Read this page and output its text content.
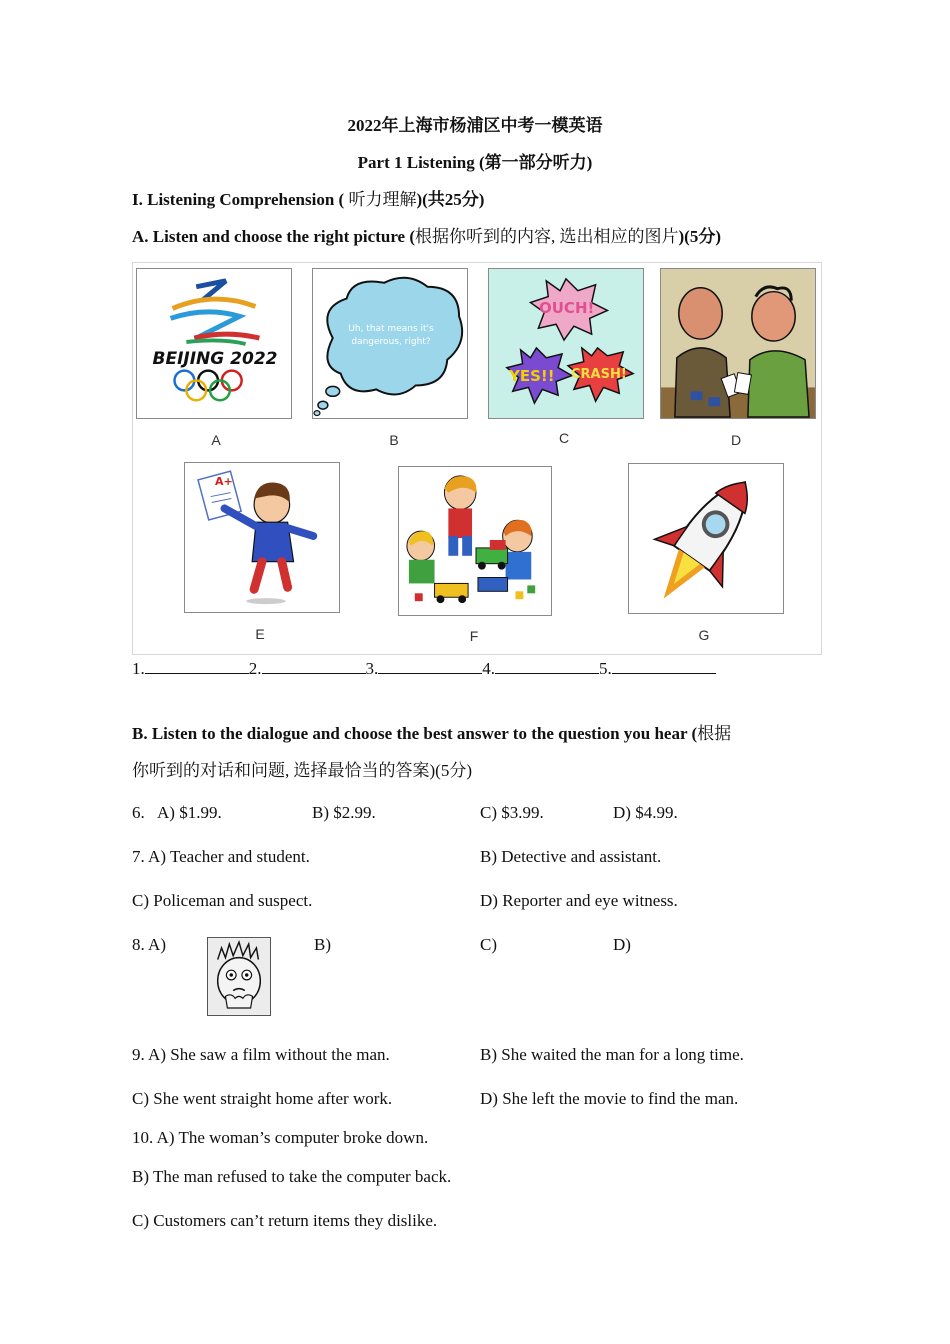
2022年上海市杨浦区中考一模英语
Part 1 Listening (第一部分听力)
I. Listening Comprehension ( 听力理解)(共25分)
A. Listen and choose the right picture (根据你听到的内容, 选出相应的图片)(5分)
BEIJING 2022
A
Uh, that means it's
dangerous, right?
B
OUCH!
YES!! CRASH!
C	D
A+
E	F	G
1.	2.	3.	4.	5.
B. Listen to the dialogue and choose the best answer to the question you hear (根据
你听到的对话和问题, 选择最恰当的答案)(5分)
6. A) $1.99.	B) $2.99.	C) $3.99.	D) $4.99.
7. A) Teacher and student.	B) Detective and assistant.
C) Policeman and suspect.	D) Reporter and eye witness.
8. A)	B)	C)	D)
9. A) She saw a film without the man.	B) She waited the man for a long time.
C) She went straight home after work.	D) She left the movie to find the man.
10. A) The woman’s computer broke down.
B) The man refused to take the computer back.
C) Customers can’t return items they dislike.
